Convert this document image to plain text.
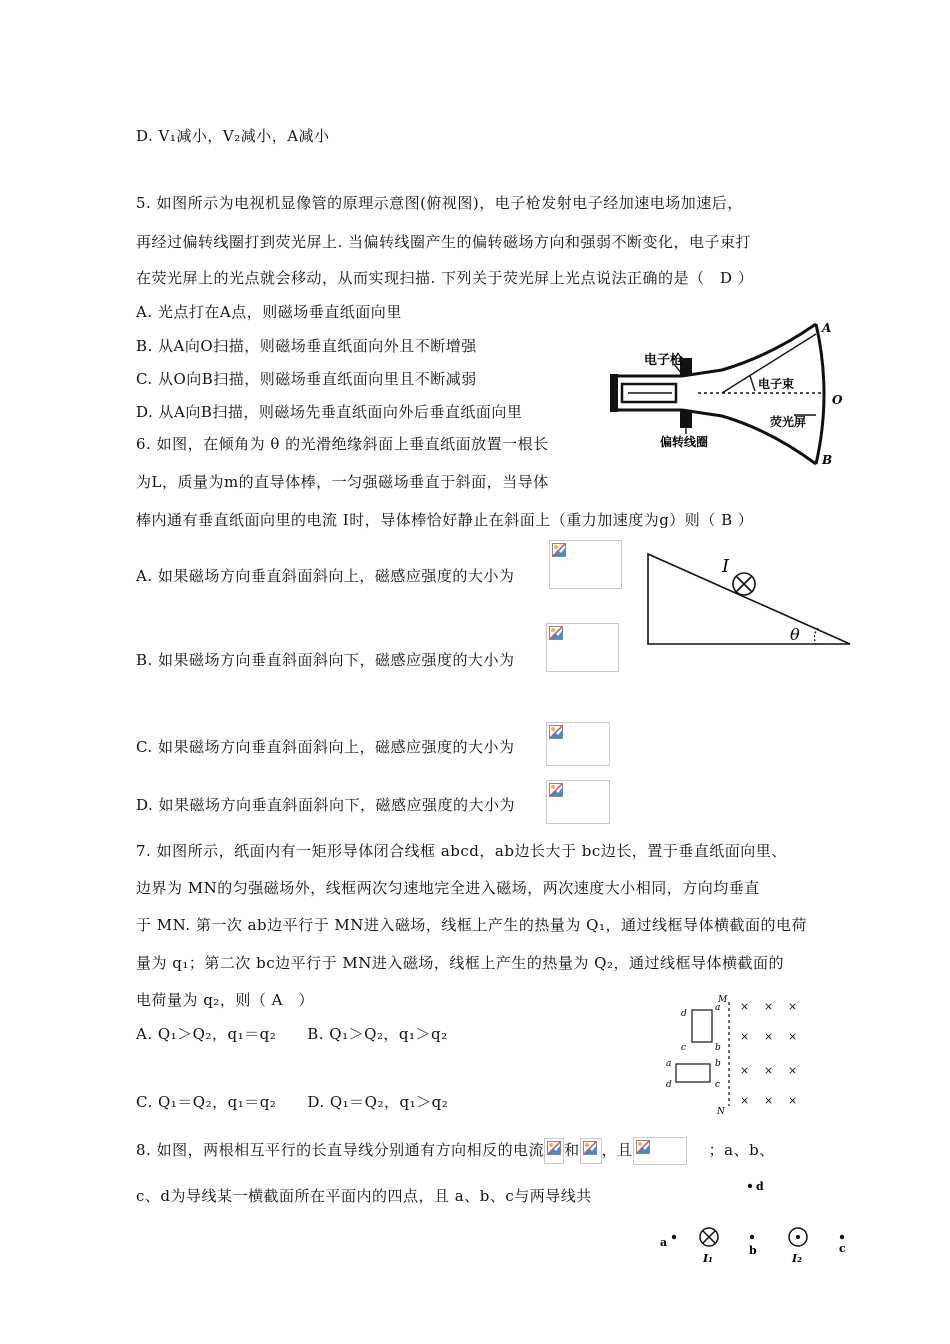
D. V₁减小，V₂减小，A减小
5. 如图所示为电视机显像管的原理示意图(俯视图)，电子枪发射电子经加速电场加速后，
再经过偏转线圈打到荧光屏上. 当偏转线圈产生的偏转磁场方向和强弱不断变化，电子束打
在荧光屏上的光点就会移动，从而实现扫描. 下列关于荧光屏上光点说法正确的是（　D ）
A. 光点打在A点，则磁场垂直纸面向里
B. 从A向O扫描，则磁场垂直纸面向外且不断增强
C. 从O向B扫描，则磁场垂直纸面向里且不断减弱
D. 从A向B扫描，则磁场先垂直纸面向外后垂直纸面向里
6. 如图，在倾角为 θ 的光滑绝缘斜面上垂直纸面放置一根长
为L，质量为m的直导体棒，一匀强磁场垂直于斜面，当导体
棒内通有垂直纸面向里的电流 I时，导体棒恰好静止在斜面上（重力加速度为g）则（ B ）
A. 如果磁场方向垂直斜面斜向上，磁感应强度的大小为
B. 如果磁场方向垂直斜面斜向下，磁感应强度的大小为
C. 如果磁场方向垂直斜面斜向上，磁感应强度的大小为
D. 如果磁场方向垂直斜面斜向下，磁感应强度的大小为
7. 如图所示，纸面内有一矩形导体闭合线框 abcd，ab边长大于 bc边长，置于垂直纸面向里、
边界为 MN的匀强磁场外，线框两次匀速地完全进入磁场，两次速度大小相同，方向均垂直
于 MN. 第一次 ab边平行于 MN进入磁场，线框上产生的热量为 Q₁，通过线框导体横截面的电荷
量为 q₁；第二次 bc边平行于 MN进入磁场，线框上产生的热量为 Q₂，通过线框导体横截面的
电荷量为 q₂，则（ A　）
A. Q₁＞Q₂，q₁＝q₂　　B. Q₁＞Q₂，q₁＞q₂
C. Q₁＝Q₂，q₁＝q₂　　D. Q₁＝Q₂，q₁＞q₂
8. 如图，两根相互平行的长直导线分别通有方向相反的电流 和 ，且	；a、b、
c、d为导线某一横截面所在平面内的四点，且 a、b、c与两导线共
电子枪
电子束
荧光屏
偏转线圈
A
O
B
I
θ
M
N
d
a
c	b
a	b
d	c
× × ×
× × ×
× × ×
× × ×
d
a
I₁
b
I₂
c
